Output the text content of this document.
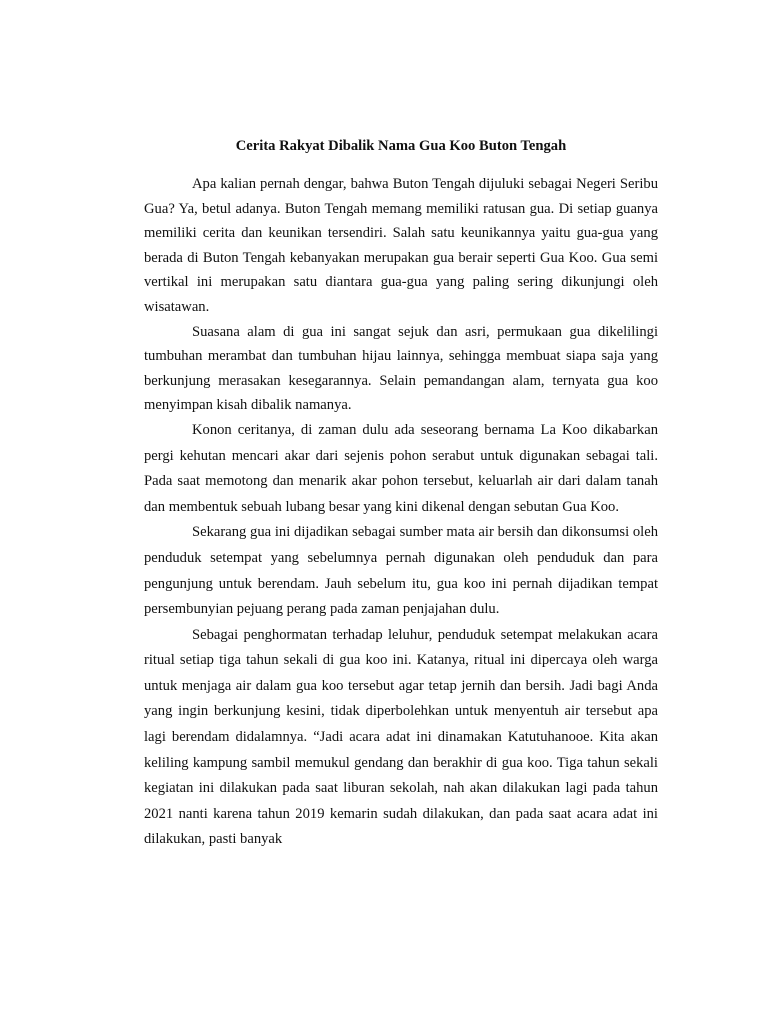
Cerita Rakyat Dibalik Nama Gua Koo Buton Tengah

Apa kalian pernah dengar, bahwa Buton Tengah dijuluki sebagai Negeri Seribu Gua? Ya, betul adanya. Buton Tengah memang memiliki ratusan gua. Di setiap guanya memiliki cerita dan keunikan tersendiri. Salah satu keunikannya yaitu gua-gua yang berada di Buton Tengah kebanyakan merupakan gua berair seperti Gua Koo. Gua semi vertikal ini merupakan satu diantara gua-gua yang paling sering dikunjungi oleh wisatawan.

Suasana alam di gua ini sangat sejuk dan asri, permukaan gua dikelilingi tumbuhan merambat dan tumbuhan hijau lainnya, sehingga membuat siapa saja yang berkunjung merasakan kesegarannya. Selain pemandangan alam, ternyata gua koo menyimpan kisah dibalik namanya.

Konon ceritanya, di zaman dulu ada seseorang bernama La Koo dikabarkan pergi kehutan mencari akar dari sejenis pohon serabut untuk digunakan sebagai tali. Pada saat memotong dan menarik akar pohon tersebut, keluarlah air dari dalam tanah dan membentuk sebuah lubang besar yang kini dikenal dengan sebutan Gua Koo.

Sekarang gua ini dijadikan sebagai sumber mata air bersih dan dikonsumsi oleh penduduk setempat yang sebelumnya pernah digunakan oleh penduduk dan para pengunjung untuk berendam. Jauh sebelum itu, gua koo ini pernah dijadikan tempat persembunyian pejuang perang pada zaman penjajahan dulu.

Sebagai penghormatan terhadap leluhur, penduduk setempat melakukan acara ritual setiap tiga tahun sekali di gua koo ini. Katanya, ritual ini dipercaya oleh warga untuk menjaga air dalam gua koo tersebut agar tetap jernih dan bersih. Jadi bagi Anda yang ingin berkunjung kesini, tidak diperbolehkan untuk menyentuh air tersebut apa lagi berendam didalamnya. “Jadi acara adat ini dinamakan Katutuhanooe. Kita akan keliling kampung sambil memukul gendang dan berakhir di gua koo. Tiga tahun sekali kegiatan ini dilakukan pada saat liburan sekolah, nah akan dilakukan lagi pada tahun 2021 nanti karena tahun 2019 kemarin sudah dilakukan, dan pada saat acara adat ini dilakukan, pasti banyak
